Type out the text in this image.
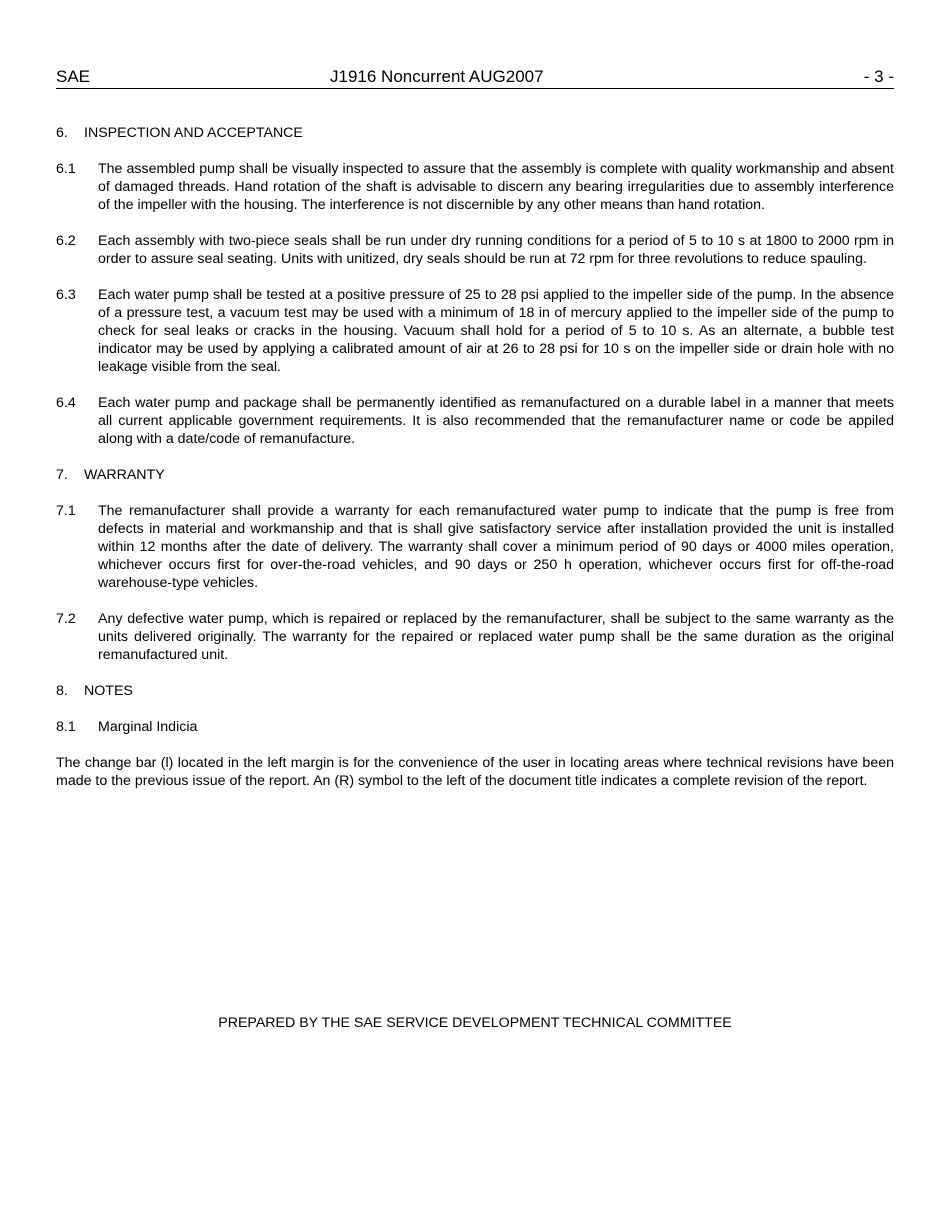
SAE	J1916 Noncurrent AUG2007	- 3 -
6. INSPECTION AND ACCEPTANCE
6.1 The assembled pump shall be visually inspected to assure that the assembly is complete with quality workmanship and absent of damaged threads. Hand rotation of the shaft is advisable to discern any bearing irregularities due to assembly interference of the impeller with the housing. The interference is not discernible by any other means than hand rotation.
6.2 Each assembly with two-piece seals shall be run under dry running conditions for a period of 5 to 10 s at 1800 to 2000 rpm in order to assure seal seating. Units with unitized, dry seals should be run at 72 rpm for three revolutions to reduce spauling.
6.3 Each water pump shall be tested at a positive pressure of 25 to 28 psi applied to the impeller side of the pump. In the absence of a pressure test, a vacuum test may be used with a minimum of 18 in of mercury applied to the impeller side of the pump to check for seal leaks or cracks in the housing. Vacuum shall hold for a period of 5 to 10 s. As an alternate, a bubble test indicator may be used by applying a calibrated amount of air at 26 to 28 psi for 10 s on the impeller side or drain hole with no leakage visible from the seal.
6.4 Each water pump and package shall be permanently identified as remanufactured on a durable label in a manner that meets all current applicable government requirements. It is also recommended that the remanufacturer name or code be appiled along with a date/code of remanufacture.
7. WARRANTY
7.1 The remanufacturer shall provide a warranty for each remanufactured water pump to indicate that the pump is free from defects in material and workmanship and that is shall give satisfactory service after installation provided the unit is installed within 12 months after the date of delivery. The warranty shall cover a minimum period of 90 days or 4000 miles operation, whichever occurs first for over-the-road vehicles, and 90 days or 250 h operation, whichever occurs first for off-the-road warehouse-type vehicles.
7.2 Any defective water pump, which is repaired or replaced by the remanufacturer, shall be subject to the same warranty as the units delivered originally. The warranty for the repaired or replaced water pump shall be the same duration as the original remanufactured unit.
8. NOTES
8.1 Marginal Indicia
The change bar (l) located in the left margin is for the convenience of the user in locating areas where technical revisions have been made to the previous issue of the report. An (R) symbol to the left of the document title indicates a complete revision of the report.
PREPARED BY THE SAE SERVICE DEVELOPMENT TECHNICAL COMMITTEE
